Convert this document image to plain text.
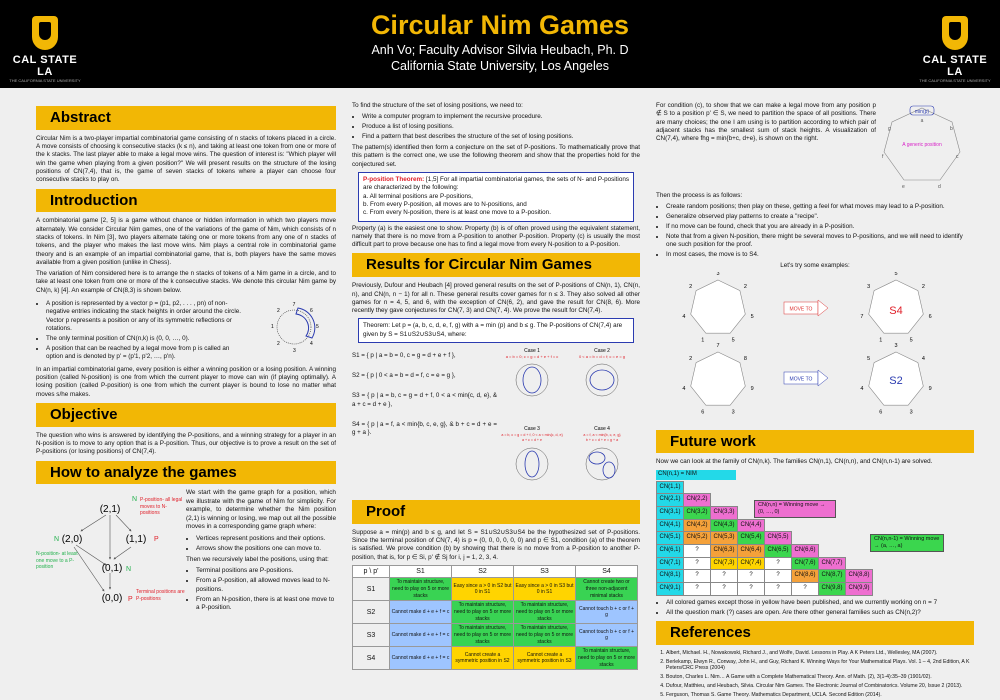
CAL STATE LA
THE CALIFORNIA STATE UNIVERSITY
Circular Nim Games
Anh Vo; Faculty Advisor Silvia Heubach, Ph. D
California State University, Los Angeles	CAL STATE LA
THE CALIFORNIA STATE UNIVERSITY
Abstract

Circular Nim is a two-player impartial combinatorial game consisting of n stacks of tokens placed in a circle. A move consists of choosing k consecutive stacks (k ≤ n), and taking at least one token from one or more of the k stacks. The last player able to make a legal move wins. The question of interest is: "Which player will win the game when playing from a given position?" We will present results on the structure of the losing positions of CN(7,4), that is, the game of seven stacks of tokens where a player can choose four consecutive stacks to play on.

Introduction

A combinatorial game [2, 5] is a game without chance or hidden information in which two players move alternately. We consider Circular Nim games, one of the variations of the game of Nim, which consists of n stacks of tokens. In Nim [3], two players alternate taking one or more tokens from any one of n stacks of tokens, and the player who makes the last move wins. Nim plays a central role in combinatorial game theory and is an example of an impartial combinatorial game, that is, both players have the same moves available from a given position (unlike in Chess).

The variation of Nim considered here is to arrange the n stacks of tokens of a Nim game in a circle, and to take at least one token from one or more of the k consecutive stacks. We denote this circular Nim game by CN(n, k) [4]. An example of CN(8,3) is shown below.

• A position is represented by a vector p = (p1, p2, . . . , pn) of non-negative entries indicating the stack heights in order around the circle. Vector p represents a position or any of its symmetric reflections or rotations.
• The only terminal position of CN(n,k) is (0, 0, …, 0).
• A position that can be reached by a legal move from p is called an option and is denoted by p' = (p'1, p'2, …, p'n).
7
6
5
4
3
2
1
2

In an impartial combinatorial game, every position is either a winning position or a losing position. A winning position (called N-position) is one from which the current player to move can win (if playing optimally). A losing position (called P-position) is one from which the current player is bound to lose no matter what moves s/he makes.

Objective

The question who wins is answered by identifying the P-positions, and a winning strategy for a player in an N-position is to move to any option that is a P-position. Thus, our objective is to prove a result on the set of P-positions (or losing positions) of CN(7,4).

How to analyze the games
(2,1)
(2,0)	(1,1)
(0,1)
(0,0)
N
N	P
N
P
P-position- all legal moves to N-positions
N-position- at least one move to a P-position
Terminal positions are P-positions

We start with the game graph for a position, which we illustrate with the game of Nim for simplicity. For example, to determine whether the Nim position (2,1) is winning or losing, we map out all the possible moves in a corresponding game graph where:

• Vertices represent positions and their options.
• Arrows show the positions one can move to.

Then we recursively label the positions, using that:

• Terminal positions are P-positions.
• From a P-position, all allowed moves lead to N-positions.
• From an N-position, there is at least one move to a P-position.

To find the structure of the set of losing positions, we need to:

• Write a computer program to implement the recursive procedure.
• Produce a list of losing positions.
• Find a pattern that best describes the structure of the set of losing positions.

The pattern(s) identified then form a conjecture on the set of P-positions. To mathematically prove that this pattern is the correct one, we use the following theorem and show that the properties hold for the conjectured set.

P-position Theorem: [1,5] For all impartial combinatorial games, the sets of N- and P-positions are characterized by the following:
a. All terminal positions are P-positions,
b. From every P-position, all moves are to N-positions, and
c. From every N-position, there is at least one move to a P-position.

Property (a) is the easiest one to show. Property (b) is of often proved using the equivalent statement, namely that there is no move from a P-position to another P-position. Property (c) is usually the most difficult part to prove because one has to find a legal move from every N-position to a P-position.

Results for Circular Nim Games

Previously, Dufour and Heubach [4] proved general results on the set of P-positions of CN(n, 1), CN(n, n), and CN(n, n − 1) for all n. These general results cover games for n ≤ 3. They also solved all other games for n = 4, 5, and 6, with the exception of CN(6, 2), and gave the result for CN(8, 6). More recently they gave conjectures for CN(7, 3) and CN(7, 4). We prove the result for CN(7,4).

Theorem: Let p = (a, b, c, d, e, f, g) with a = min (p) and b ≤ g. The P-positions of CN(7,4) are given by S = S1∪S2∪S3∪S4, where:

S1 = { p | a = b = 0, c = g = d + e + f },

S2 = { p | 0 < a = b = d = f, c = e = g },

S3 = { p | a = b, c = g = d + f, 0 < a < min{c, d, e}, & a + c = d + e },

S4 = { p | a = f, a < min{b, c, e, g}, & b + c = d + e = g + a }.

Case 1
a = b = 0; c = g = d + e + f = c
Case 2
0 < a = b = d = f; c = e = g
Case 3
a = b, c = g = d + f, 0 < a < min{c, d, e}
a + c = d + e
Case 4
a = f, a < min{b, c, e, g}
b + c = d + e = g + a
Proof

Suppose a = min(p) and b ≤ g, and let S = S1∪S2∪S3∪S4 be the hypothesized set of P-positions. Since the terminal position of CN(7, 4) is p = (0, 0, 0, 0, 0, 0) and p ∈ S1, condition (a) of the theorem is satisfied. We prove condition (b) by showing that there is no move from a P-position to another P-position, that is, for p ∈ Si, p' ∉ Sj for i, j = 1, 2, 3, 4.

p \ p'	S1	S2	S3	S4
S1	To maintain structure, need to play on 5 or more stacks	Easy since a > 0 in S2 but 0 in S1	Easy since a > 0 in S3 but 0 in S1	Cannot create two or three non-adjacent minimal stacks
S2	Cannot make d + e + f = c	To maintain structure, need to play on 5 or more stacks	To maintain structure, need to play on 5 or more stacks	Cannot touch b + c or f + g
S3	Cannot make d + e + f = c	To maintain structure, need to play on 5 or more stacks	To maintain structure, need to play on 5 or more stacks	Cannot touch b + c or f + g
S4	Cannot make d + e + f = c	Cannot create a symmetric position in S2	Cannot create a symmetric position in S3	To maintain structure, need to play on 5 or more stacks

For condition (c), to show that we can make a legal move from any position p ∉ S to a position p' ∈ S, we need to partition the space of all positions. There are many choices; the one I am using is to partition according to which pair of adjacent stacks has the smallest sum of stack heights. A visualization of CN(7,4), where fhg = min{b+c, d+e}, is shown on the right.

min(p)
A generic position
a
b
c
d
e
f
g

Then the process is as follows:

• Create random positions; then play on these, getting a feel for what moves may lead to a P-position.
• Generalize observed play patterns to create a "recipe".
• If no move can be found, check that you are already in a P-position.
• Note that from a given N-position, there might be several moves to P-positions, and we will need to identify one such position for the proof.
• In most cases, the move is to S4.
Let's try some examples:
3
2
5
5
1
4
2
5
2
6
5
1
7
3
7
8
9
3
6
4
2
3
4
9
3
6
4
5
MOVE TO
MOVE TO
S4
S2
Future work

Now we can look at the family of CN(n,k). The families CN(n,1), CN(n,n), and CN(n,n-1) are solved.

CN(n,1) = NIM
CN(1,1)							
CN(2,1)	CN(2,2)						
CN(3,1)	CN(3,2)	CN(3,3)					
CN(4,1)	CN(4,2)	CN(4,3)	CN(4,4)				
CN(5,1)	CN(5,2)	CN(5,3)	CN(5,4)	CN(5,5)			
CN(6,1)	?	CN(6,3)	CN(6,4)	CN(6,5)	CN(6,6)		
CN(7,1)	?	CN(7,3)	CN(7,4)	?	CN(7,6)	CN(7,7)	
CN(8,1)	?	?	?	?	CN(8,6)	CN(8,7)	CN(8,8)
CN(9,1)	?	?	?	?	?	CN(9,8)	CN(9,9)
CN(n,n) = Winning move → (0, …, 0)
CN(n,n-1) = Winning move → (a, …, a)
• All colored games except those in yellow have been published, and we currently working on n = 7
• All the question mark (?) cases are open. Are there other general families such as CN(n,2)?
References
1. Albert, Michael. H., Nowakowski, Richard J., and Wolfe, David. Lessons in Play. A K Peters Ltd., Wellesley, MA (2007).
2. Berlekamp, Elwyn R., Conway, John H., and Guy, Richard K. Winning Ways for Your Mathematical Plays. Vol. 1 – 4, 2nd Edition, A K Peters/CRC Press (2004)
3. Bouton, Charles L. Nim… A Game with a Complete Mathematical Theory. Ann. of Math. (2), 3(1-4):35–39 (1901/02).
4. Dufour, Matthieu, and Heubach, Silvia. Circular Nim Games. The Electronic Journal of Combinatorics. Volume 20, Issue 2 (2013).
5. Ferguson, Thomas S. Game Theory. Mathematics Department, UCLA. Second Edition (2014).
